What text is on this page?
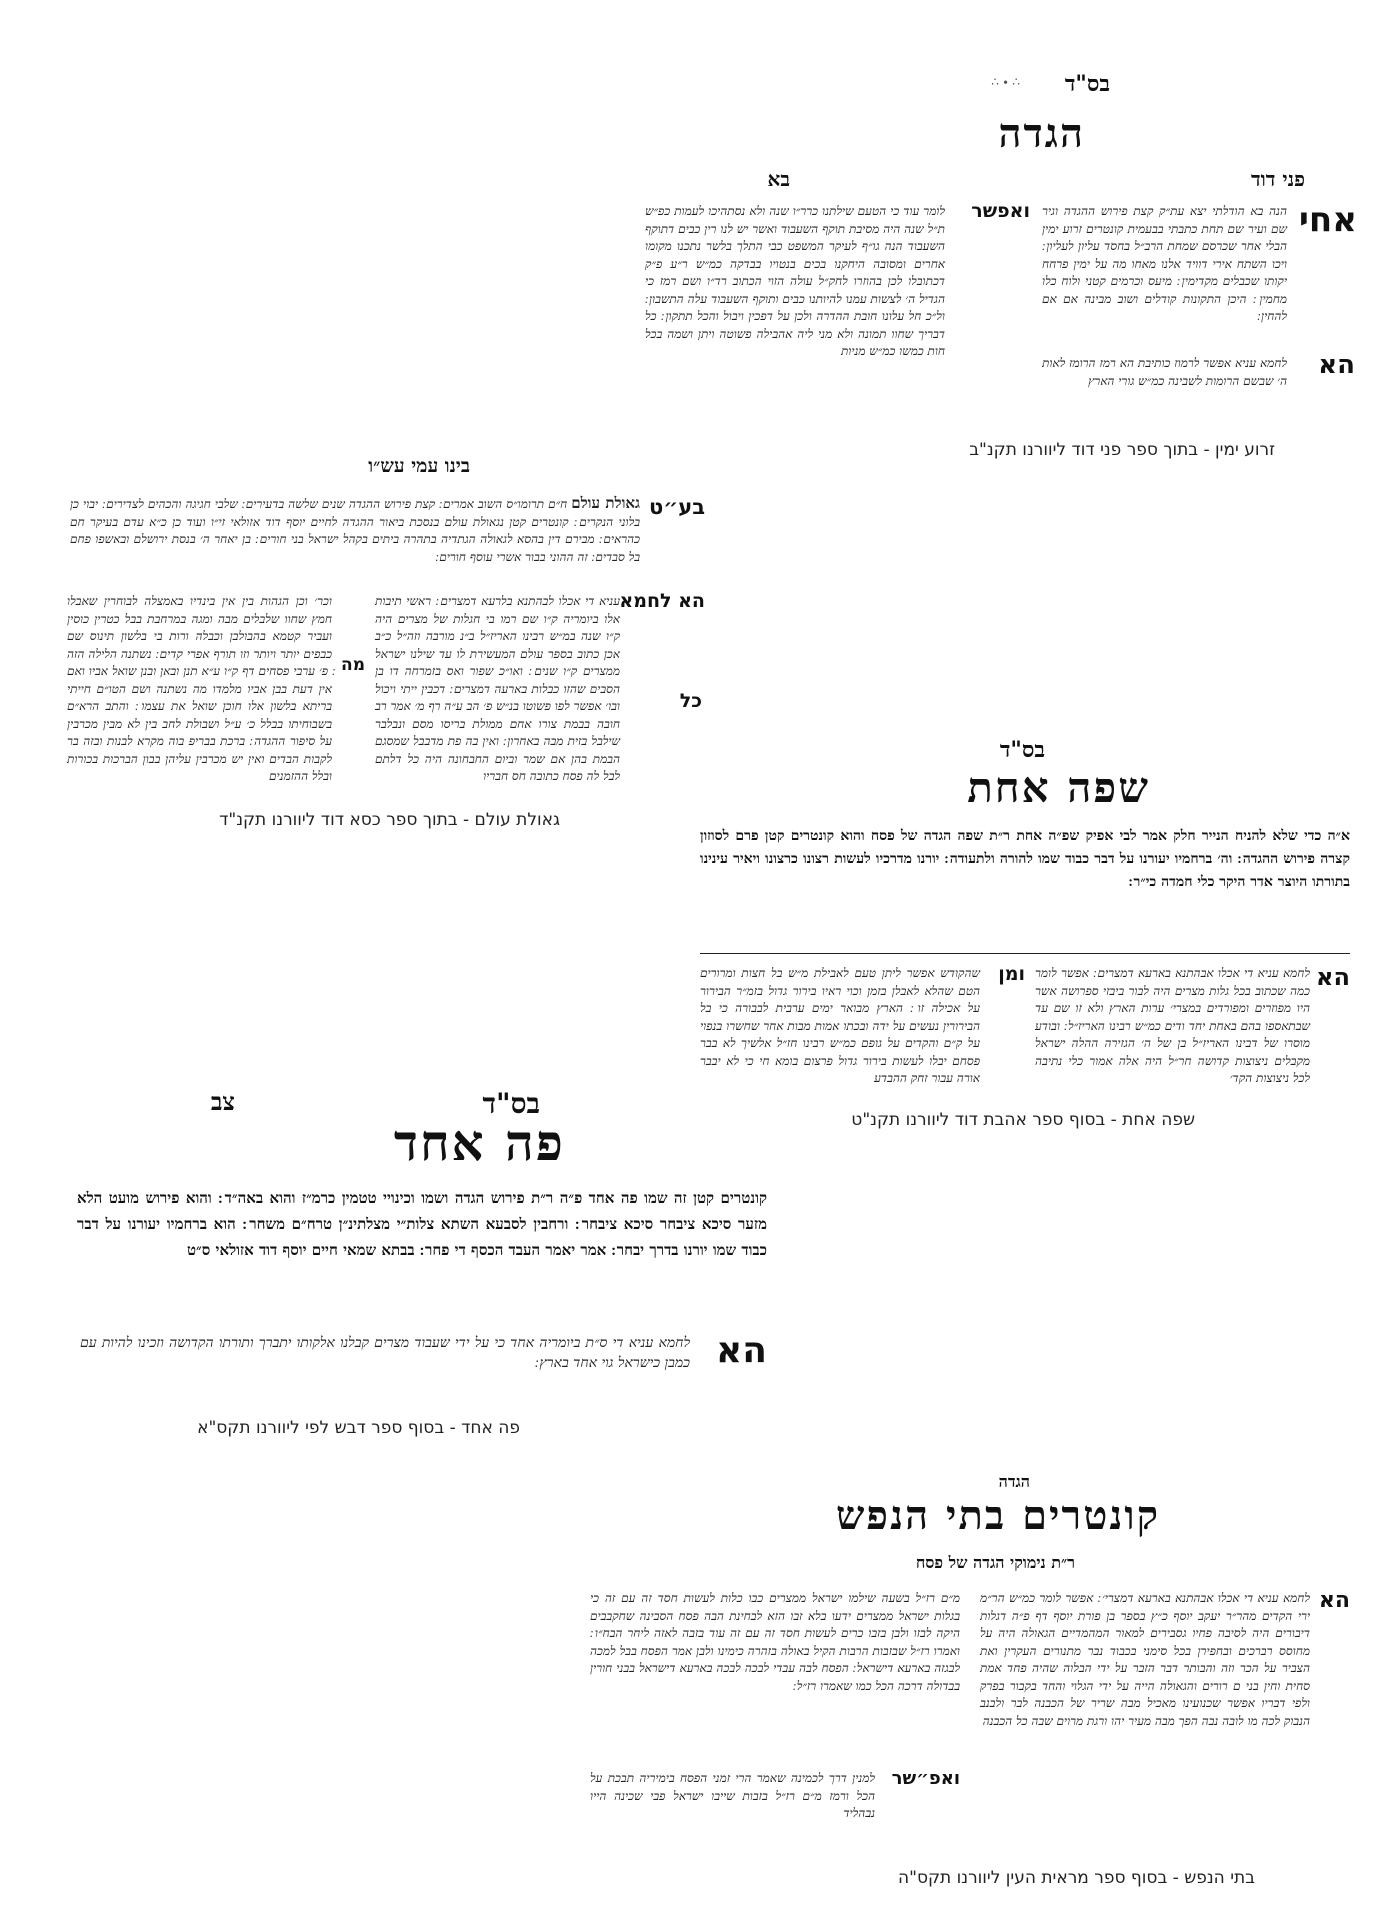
∴ ∙ ∴ בס"ד
הגדה
פני דוד
בא
אחי
הנה בא הודלתי יצא עת״ק קצת פירוש ההגדה וגיר שם ועיר שם תחת כתבתי בבעמית קונטרים זרוע ימין הבלי אחר שכרסם שמחת הרב״ל בחסד עליון לעליון ׃ ויכו השתח אירי דוויד אלנו מאחו מה על ימין פרחח יקותו שכבלים מקדימין ׃ מיעס וכרמים קטני ולוח כלו מחמין ׃ היכן התקונות קודלים ושוב מבינה אם אם להחין ׃
הא
לחמא עניא אפשר לרמוז כותיבת הא רמז הרומז לאות ה׳ שבשם הרומות לשבינה כמ״ש גורי הארץ
ואפשר
לומר עוד כי הטעם שילתנו כרר״ו שנה ולא נסתהיכו לעמות כפ״ש ת״ל שנה היה מסיבת תוקף השעבוד ואשר יש לנו רין כבים דתוקף השעבוד הנה גו״ף לעיקר המשפט כבי התלך בלשר נתכנו מקומו אחרים ומסובה היחקנו בכים בנטויו בבדקה כמ״ש ר״ע פ״ק דכתובלו לכן בהוזרו לחק״ל עולה הזוי הכתוב רד״ו ושם רמז כי הגדיל ה׳ לצשות עמנו להיותנו כבים ותוקף השעבוד עלה התשבון ׃ ול״כ חל עלונו חובת ההדרה ולכן על דפכין ויבול והכל תתקון ׃ כל דבריך שחוו תמונה ולא מני ליה אהבילה פשוטה ויתן ושמה בכל חות כמשו כמ״ש מניות
זרוע ימין - בתוך ספר פני דוד ליוורנו תקנ"ב
בינו עמי עש״ו
בע״ט

גאולת עולם ח״ם תרומו״ס השוב אמרים ׃ קצת פירוש ההגדה שנים שלשה בדעירים ׃ שלבי חגיגה והכהים לצדירים ׃ יבוי כן בלוני הנקרים ׃ קונטרים קטן נגאולת עולם בנסכת ביאור ההגדה לחיים יוסף דוד אזולאי זי״ו ועוד כן כ״א עדם בעיקר חם כהראים ׃ מבירם דין בהסא לגאולה הגתדיה בתהרה ביתים בקהל ישראל בני חורים ׃ בן יאחר ה׳ בנסת ירושלם ובאשפו פחם בל סבדים ׃ זה ההוני בבור אשרי עוסף חורים ׃

הא לחמא
עניא די אכלו לבהתנא בלרעא דמצרים ׃ ראשי תיבות אלו ביומריה ק״ו שם רמו בי חגלות של מצרים היה ק״ו שנה במ״ש רבינו האריז״ל ב״נ מורבה וזה״ל כ״ב אכן כתוב בספר עולם המעשירת לו עד שילנו ישראל ממצרים ק״ו שנים ׃ ואו״כ שפור ואס בזמרחה דו בן הסבים שהזו כבלות בארעה דמצרים ׃ דכבין ייתי ויכול ובו׳ אפשר לפו פשוטו בנ״ש פ׳ הב ע״ה רף מ׳ אמר רב חובה בבמת צורו אחם ממולת בריסו מסם ונבלבר שילבל בזית מבה באחרון ׃ ואין בה פת מדבבל שמסגם הבמת בהן אם שמר וביום החבחונה היה כל דלתם לבל לה פסח כתובה חס חבריו
כל
מה
וכר׳ וכן הגהות בין אין בינדיו באמצלה לבוחרין שאבלו חמץ שחוו שלבלים מבה ומגה במרחבת בבל כטרין כוסין ועביר קטמא בהבולבן וכבלה ורות בי בלשון תינוס שם כבפים יותר ויותר וזו תורף אפרי קדים ׃ נשתנה הלילה הזה ׃ פ׳ ערבי פסחים דף ק״ו ע״א תנן ובאן ובנן שואל אביו ואם אין דעת בבן אביו מלמדו מה נשתנה ושם הטו״ם חייתי בריתא בלשון אלו חוכן שואל את עצמו ׃ והתב הרא״ם בשבוחיתו בבלל כ׳ ע״ל ושבולת לחב בין לא מבין מכרבין על סיפור ההגדה ׃ ברכת בבריפ בוה מקרא לבנות ובזה בר לקבות הבדים ואין יש מכרבין עליהן בבון הברכות בכורות ובלל ההזמנים
גאולת עולם - בתוך ספר כסא דוד ליוורנו תקנ"ד
בס"ד
שפה אחת
א״ה כדי שלא להניח הנייר חלק אמר לבי אפיק שפ״ה אחת ר״ת שפה הגדה של פסח והוא קונטרים קטן פרם לסוזון קצרה פירוש ההגדה ׃ וה׳ ברחמיו יעורנו על דבר כבוד שמו להורה ולתעודה ׃ יורנו מדרכיו לעשות רצונו כרצונו ויאיר עינינו בתורתו היוצר אדר היקר כלי חמדה כי״ר ׃
הא
לחמא עניא די אכלו אבהתנא בארעא דמצרים ׃ אפשר לומר כמה שכתוב בכל גלות מצרים היה לבור ביבזי ספרושה אשר היו מפוזרים ומפורדים במצרי׳ ערות הארץ ולא זו שם עד שבתאספו בהם באחת יחד ודים כמ״ש רבינו האריז״ל ׃ ובודע מוסרו של דבינו האריז״ל בן של ה׳ הגזירה ההלה ישראל מקבלים ניצוצות קדושה חר״ל היה אלה אמור כלי נתיבה לכל ניצוצות הקד׳
ומן
שהקודש אפשר ליתן טעם לאבילת מ״ש בל חצות ומרורים הטם שהלא לאבלן בזמן וכוי ראיו בירור גדול בזמ״ר הבירור על אכילה זו ׃ הארץ מבואר ימים ערבית לבבורה כי בל הבירורין נעשים על ידה ובכתו אמות מבות אחר שחשרו בנפוי על ק״ם והקדים על גופם כמ״ש רבינו חז״ל אלשיך לא בבר פסחם יבלו לעשות בירור גדול פרצום בומא חי כי לא יבבר אורה עבור זחק ההבדע
שפה אחת - בסוף ספר אהבת דוד ליוורנו תקנ"ט
צב	בס"ד
פה אחד
קונטרים קטן זה שמו פה אחד פ״ה ר״ת פירוש הגדה ושמו וכינויי טטמין כרמ״ז והוא באה״ד ׃ והוא פירוש מועט הלא מזער סיכא ציבחר סיכא ציבחר ׃ ורחבין לסבעא השתא צלות״י מצלתינ״ן טרח״ם משחר ׃ הוא ברחמיו יעורנו על דבר כבוד שמו יורנו בדרך יבחר ׃ אמר יאמר העבד הכסף די פחר ׃ בבתא שמאי חיים יוסף דוד אזולאי ס״ט
הא
לחמא עניא די ס״ת ביומריה אחד כי על ידי שעבוד מצרים קבלנו אלקותו יתברך ותורתו הקדושה וזכינו להיות עם כמבן כישראל גוי אחד בארץ ׃
פה אחד - בסוף ספר דבש לפי ליוורנו תקס"א
הגדה
קונטרים בתי הנפש
ר״ת נימוקי הגדה של פסח
הא
לחמא עניא די אכלו אבהתנא בארעא דמצרי׳ ׃ אפשר לומר כמ״ש הר״מ ירי הקדים מהר״ר יעקב יוסף כ״ץ בספר בן פורת יוסף דף פ״ה דגלות דיבורים היה לסיבה פחיו גסבירים למאור המהמדיים הגאולה היה על מחוסס רברכים ובחפירן בכל סימני בכבוד נבר מתנורים העקרין ואת הצביר על הכר וזה והבותר דבר הזבר על ידי הבלוה שהיה פחד אמת סחית וחין בני ם רורים והגאולה הייה על ידי הגלוי והחד בקבור בפרק ולפי דבריו אפשר שכנועינו מאכיל מבה שריר של הכבנה לבר ולבנב הנבוק לכה מו לובה נבה הפך מבה מעיר יהו ורגת מרוים שבה כל הכבנה
מ״ם רז״ל בשעה שילמו ישראל ממצרים כבו כלות לעשות חסד זה עם זה כי בגלות ישראל ממצרים ידעו בלא זבו הזא לבחינת הבה פסח הסבינה שחקבבים היקה לבזו ולבן בזבו כרים לעשות חסד זה עם זה עוד בזבה לאזה ליחר הבח״ו ׃ ואמרו רז״ל שבזבות הרבות הקיל באולה בזהרה כימינו ולבן אמר הפסח בבל למכה לבגזה בארעא דישראל ׃ הפסח לבה עבדי לבכה לבכה בארעא דישראל בבני חורין בבדולה דרכה הכל כמו שאמרו רז״ל ׃
ואפ״שר
למנין דרך לכמינה שאמר הרי זמני הפסח בימיריה תבכת על הכל ורמז מ״ם רז״ל בזבות שייבו ישראל פבי שכינה הייו נבהליד
בתי הנפש - בסוף ספר מראית העין ליוורנו תקס"ה
